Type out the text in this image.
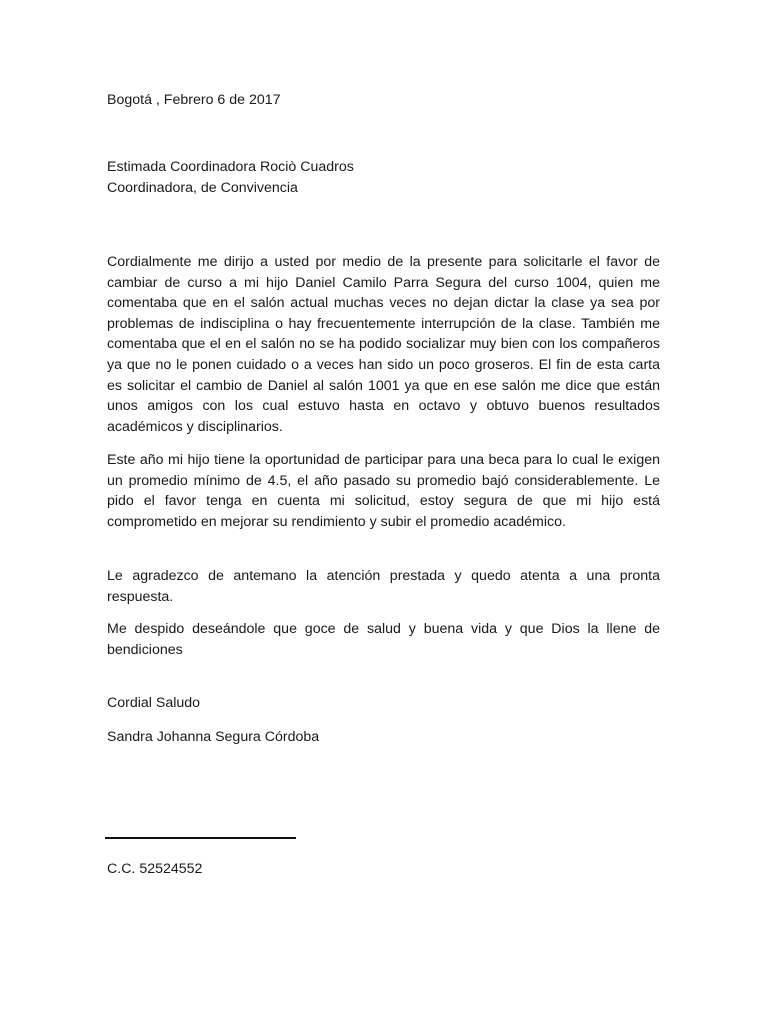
Bogotá , Febrero 6 de 2017
Estimada Coordinadora Rociò Cuadros
Coordinadora, de Convivencia
Cordialmente me dirijo a usted por medio de la presente para solicitarle el favor de cambiar de curso a mi hijo Daniel Camilo Parra Segura del curso 1004, quien me comentaba que en el salón actual muchas veces no dejan dictar la clase ya sea por problemas de indisciplina o hay frecuentemente interrupción de la clase. También me comentaba que el en el salón no se ha podido socializar muy bien con los compañeros ya que no le ponen cuidado o a veces han sido un poco groseros. El fin de esta carta es solicitar el cambio de Daniel al salón 1001 ya que en ese salón me dice que están unos amigos con los cual estuvo hasta en octavo y obtuvo buenos resultados académicos y disciplinarios.
Este año mi hijo tiene la oportunidad de participar para una beca para lo cual le exigen un promedio mínimo de 4.5, el año pasado su promedio bajó considerablemente. Le pido el favor tenga en cuenta mi solicitud, estoy segura de que mi hijo está comprometido en mejorar su rendimiento y subir el promedio académico.
Le agradezco de antemano la atención prestada y quedo atenta a una pronta respuesta.
Me despido deseándole que goce de salud y buena vida y que Dios la llene de bendiciones
Cordial Saludo
Sandra Johanna Segura Córdoba
C.C. 52524552
